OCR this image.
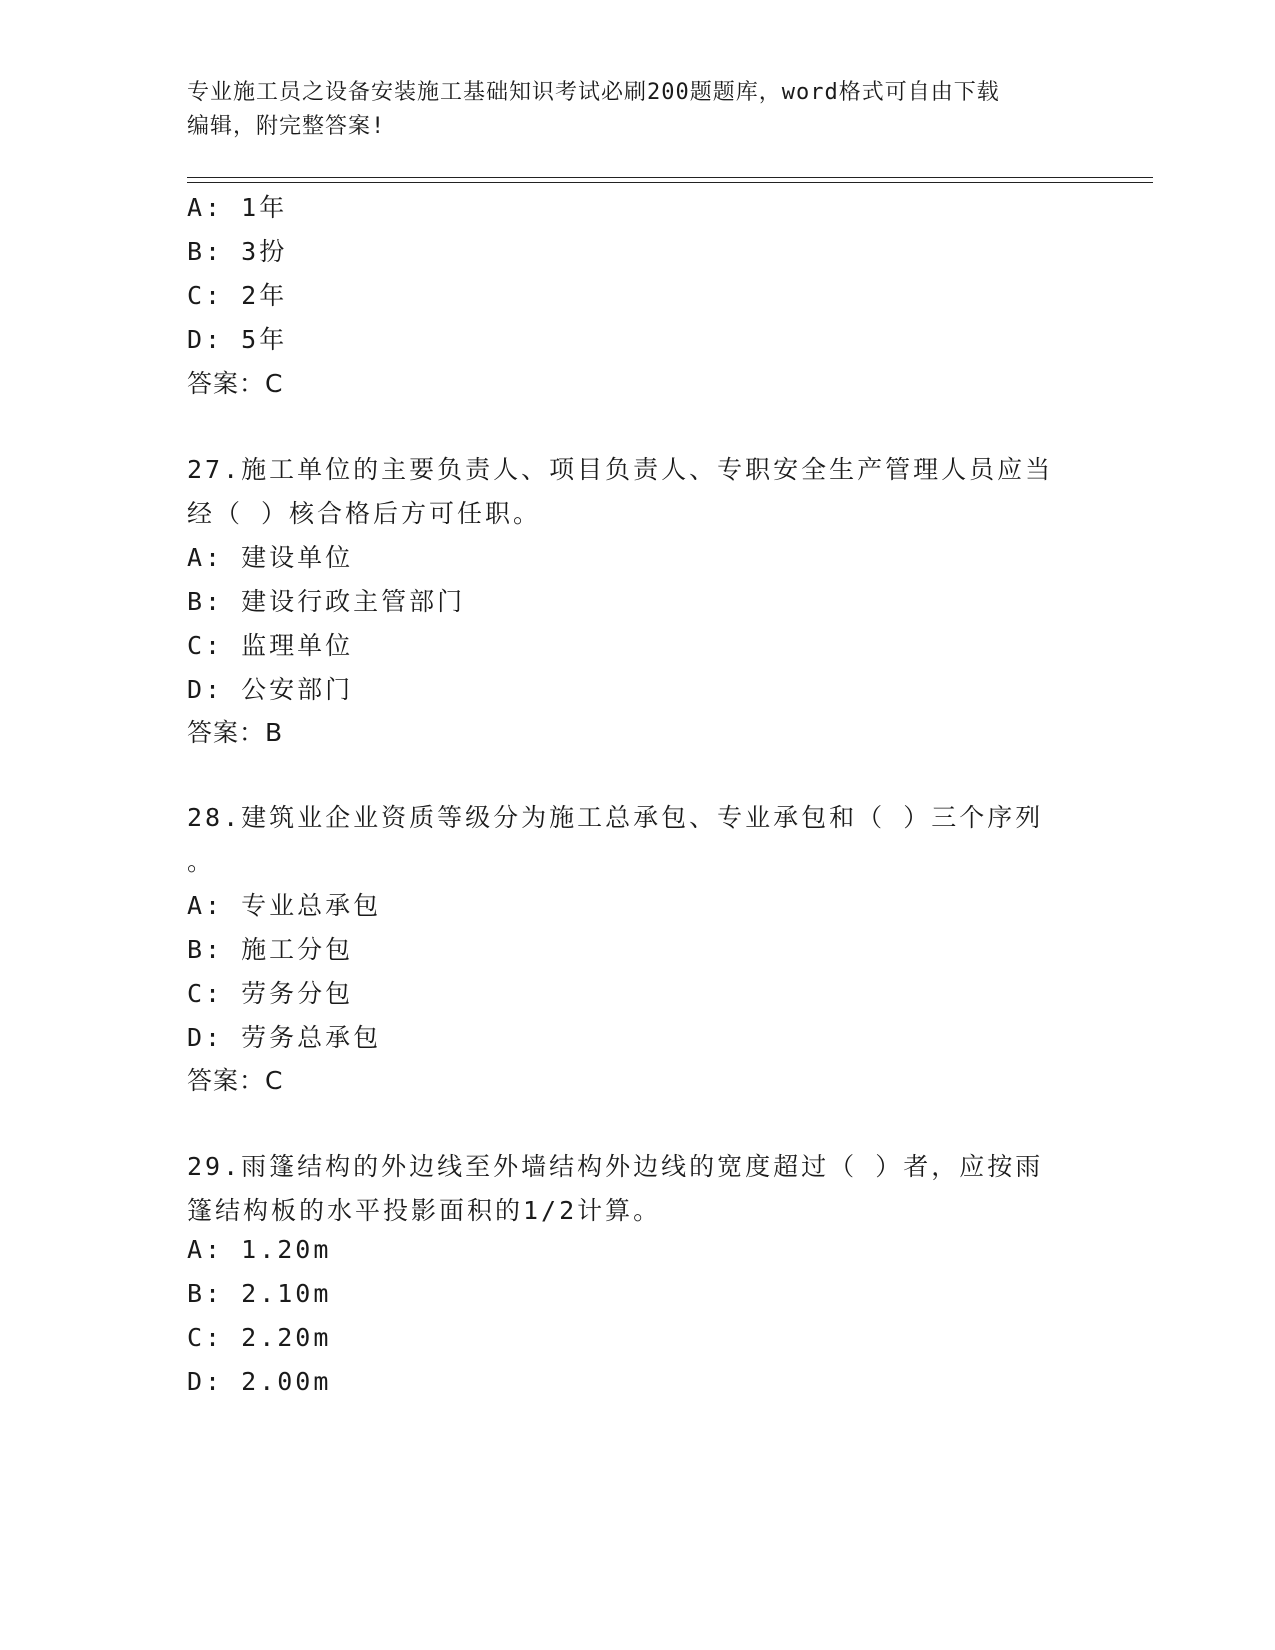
专业施工员之设备安装施工基础知识考试必刷200题题库，word格式可自由下载
编辑，附完整答案!
A: 1年
B: 3扮
C: 2年
D: 5年
答案：C
27.施工单位的主要负责人、项目负责人、专职安全生产管理人员应当
经（ ）核合格后方可任职。
A: 建设单位
B: 建设行政主管部门
C: 监理单位
D: 公安部门
答案：B
28.建筑业企业资质等级分为施工总承包、专业承包和（ ）三个序列
。
A: 专业总承包
B: 施工分包
C: 劳务分包
D: 劳务总承包
答案：C
29.雨篷结构的外边线至外墙结构外边线的宽度超过（ ）者，应按雨
篷结构板的水平投影面积的1/2计算。
A: 1.20m
B: 2.10m
C: 2.20m
D: 2.00m
